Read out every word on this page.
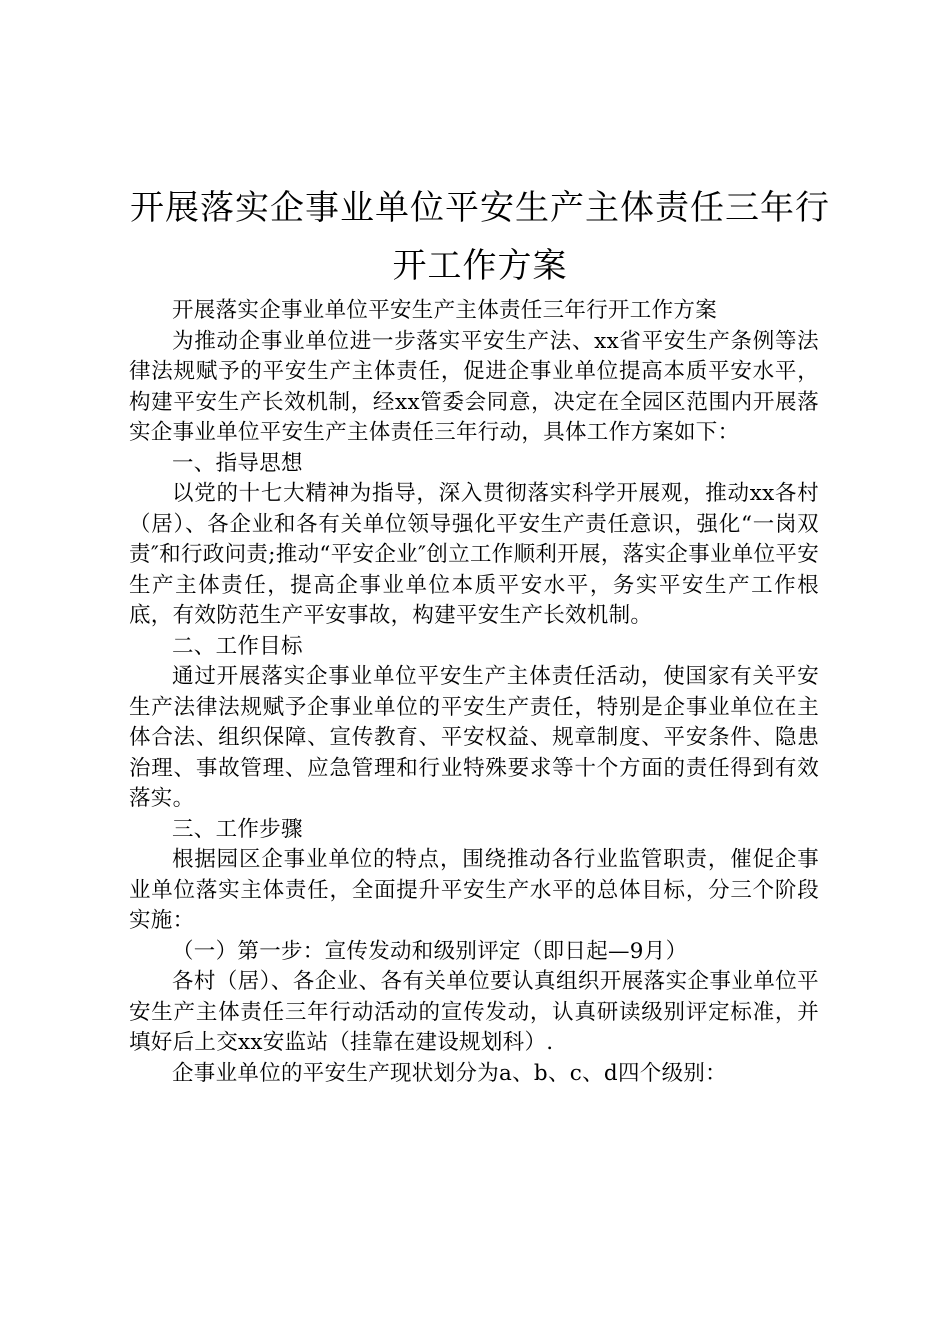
开展落实企事业单位平安生产主体责任三年行
开工作方案

开展落实企事业单位平安生产主体责任三年行开工作方案

为推动企事业单位进一步落实平安生产法、xx省平安生产条例等法律法规赋予的平安生产主体责任，促进企事业单位提高本质平安水平，构建平安生产长效机制，经xx管委会同意，决定在全园区范围内开展落实企事业单位平安生产主体责任三年行动，具体工作方案如下：

一、指导思想

以党的十七大精神为指导，深入贯彻落实科学开展观，推动xx各村（居）、各企业和各有关单位领导强化平安生产责任意识，强化“一岗双责″和行政问责;推动“平安企业″创立工作顺利开展，落实企事业单位平安生产主体责任，提高企事业单位本质平安水平，务实平安生产工作根底，有效防范生产平安事故，构建平安生产长效机制。

二、工作目标

通过开展落实企事业单位平安生产主体责任活动，使国家有关平安生产法律法规赋予企事业单位的平安生产责任，特别是企事业单位在主体合法、组织保障、宣传教育、平安权益、规章制度、平安条件、隐患治理、事故管理、应急管理和行业特殊要求等十个方面的责任得到有效落实。

三、工作步骤

根据园区企事业单位的特点，围绕推动各行业监管职责，催促企事业单位落实主体责任，全面提升平安生产水平的总体目标，分三个阶段实施：

（一）第一步：宣传发动和级别评定（即日起—9月）

各村（居）、各企业、各有关单位要认真组织开展落实企事业单位平安生产主体责任三年行动活动的宣传发动，认真研读级别评定标准，并填好后上交xx安监站（挂靠在建设规划科）.

企事业单位的平安生产现状划分为a、b、c、d四个级别：
